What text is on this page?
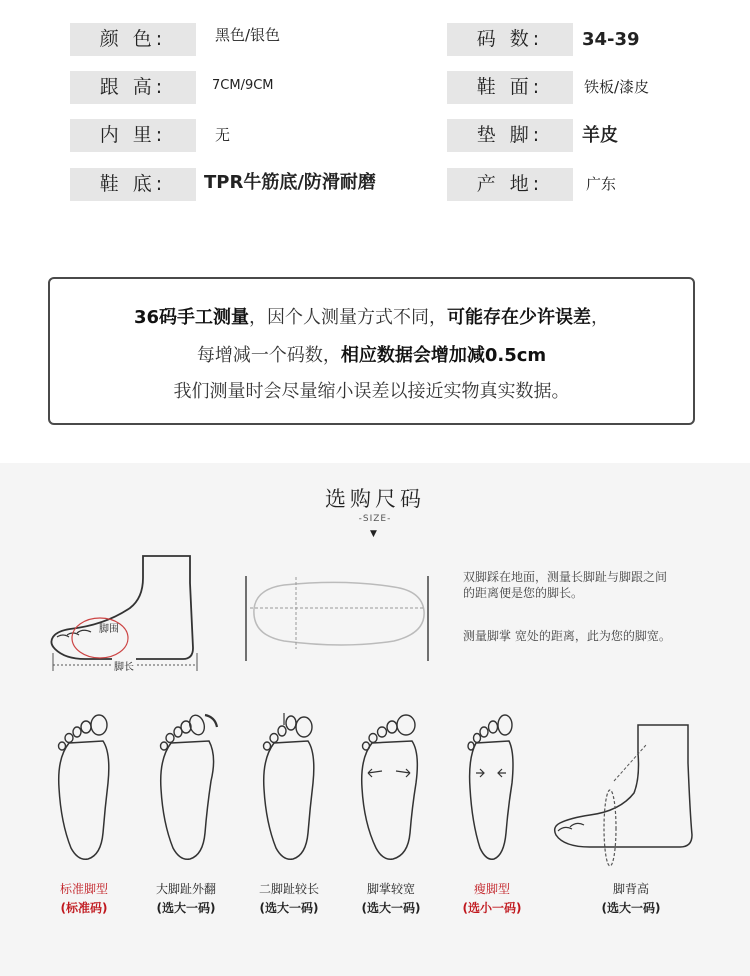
颜 色:	黑色/银色	码 数:	34-39
跟 高:	7CM/9CM	鞋 面:	铁板/漆皮
内 里:	无	垫 脚:	羊皮
鞋 底:	TPR牛筋底/防滑耐磨	产 地:	广东
36码手工测量，因个人测量方式不同，可能存在少许误差，
每增减一个码数，相应数据会增加减0.5cm
我们测量时会尽量缩小误差以接近实物真实数据。
选购尺码
-SIZE-
▼
脚围
脚长
双脚踩在地面，测量长脚趾与脚跟之间
的距离便是您的脚长。
测量脚掌 宽处的距离，此为您的脚宽。
标准脚型
(标准码)
大脚趾外翻
(选大一码)
二脚趾较长
(选大一码)
脚掌较宽
(选大一码)
瘦脚型
(选小一码)
脚背高
(选大一码)
